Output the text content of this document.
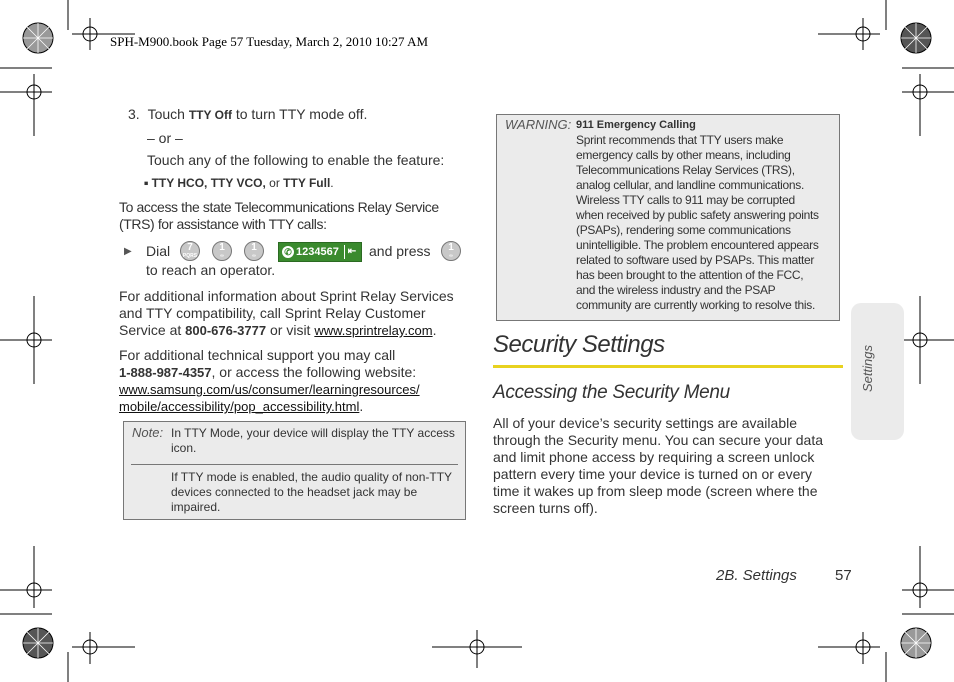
SPH-M900.book Page 57 Tuesday, March 2, 2010 10:27 AM
3. Touch TTY Off to turn TTY mode off.
– or –
Touch any of the following to enable the feature:
■ TTY HCO, TTY VCO, or TTY Full.
To access the state Telecommunications Relay Service
(TRS) for assistance with TTY calls:
▶ Dial	7
PQRS
1
∞
1
∞	✆ 1234567 ⇤ and press	1
∞
to reach an operator.
For additional information about Sprint Relay Services
and TTY compatibility, call Sprint Relay Customer
Service at 800-676-3777 or visit www.sprintrelay.com.
For additional technical support you may call
1-888-987-4357, or access the following website:
www.samsung.com/us/consumer/learningresources/
mobile/accessibility/pop_accessibility.html.
Note: In TTY Mode, your device will display the TTY access
icon.
If TTY mode is enabled, the audio quality of non-TTY
devices connected to the headset jack may be
impaired.
WARNING: 911 Emergency Calling
Sprint recommends that TTY users make
emergency calls by other means, including
Telecommunications Relay Services (TRS),
analog cellular, and landline communications.
Wireless TTY calls to 911 may be corrupted
when received by public safety answering points
(PSAPs), rendering some communications
unintelligible. The problem encountered appears
related to software used by PSAPs. This matter
has been brought to the attention of the FCC,
and the wireless industry and the PSAP
community are currently working to resolve this.
Security Settings
Accessing the Security Menu
All of your device’s security settings are available
through the Security menu. You can secure your data
and limit phone access by requiring a screen unlock
pattern every time your device is turned on or every
time it wakes up from sleep mode (screen where the
screen turns off).
Settings
2B. Settings	57
